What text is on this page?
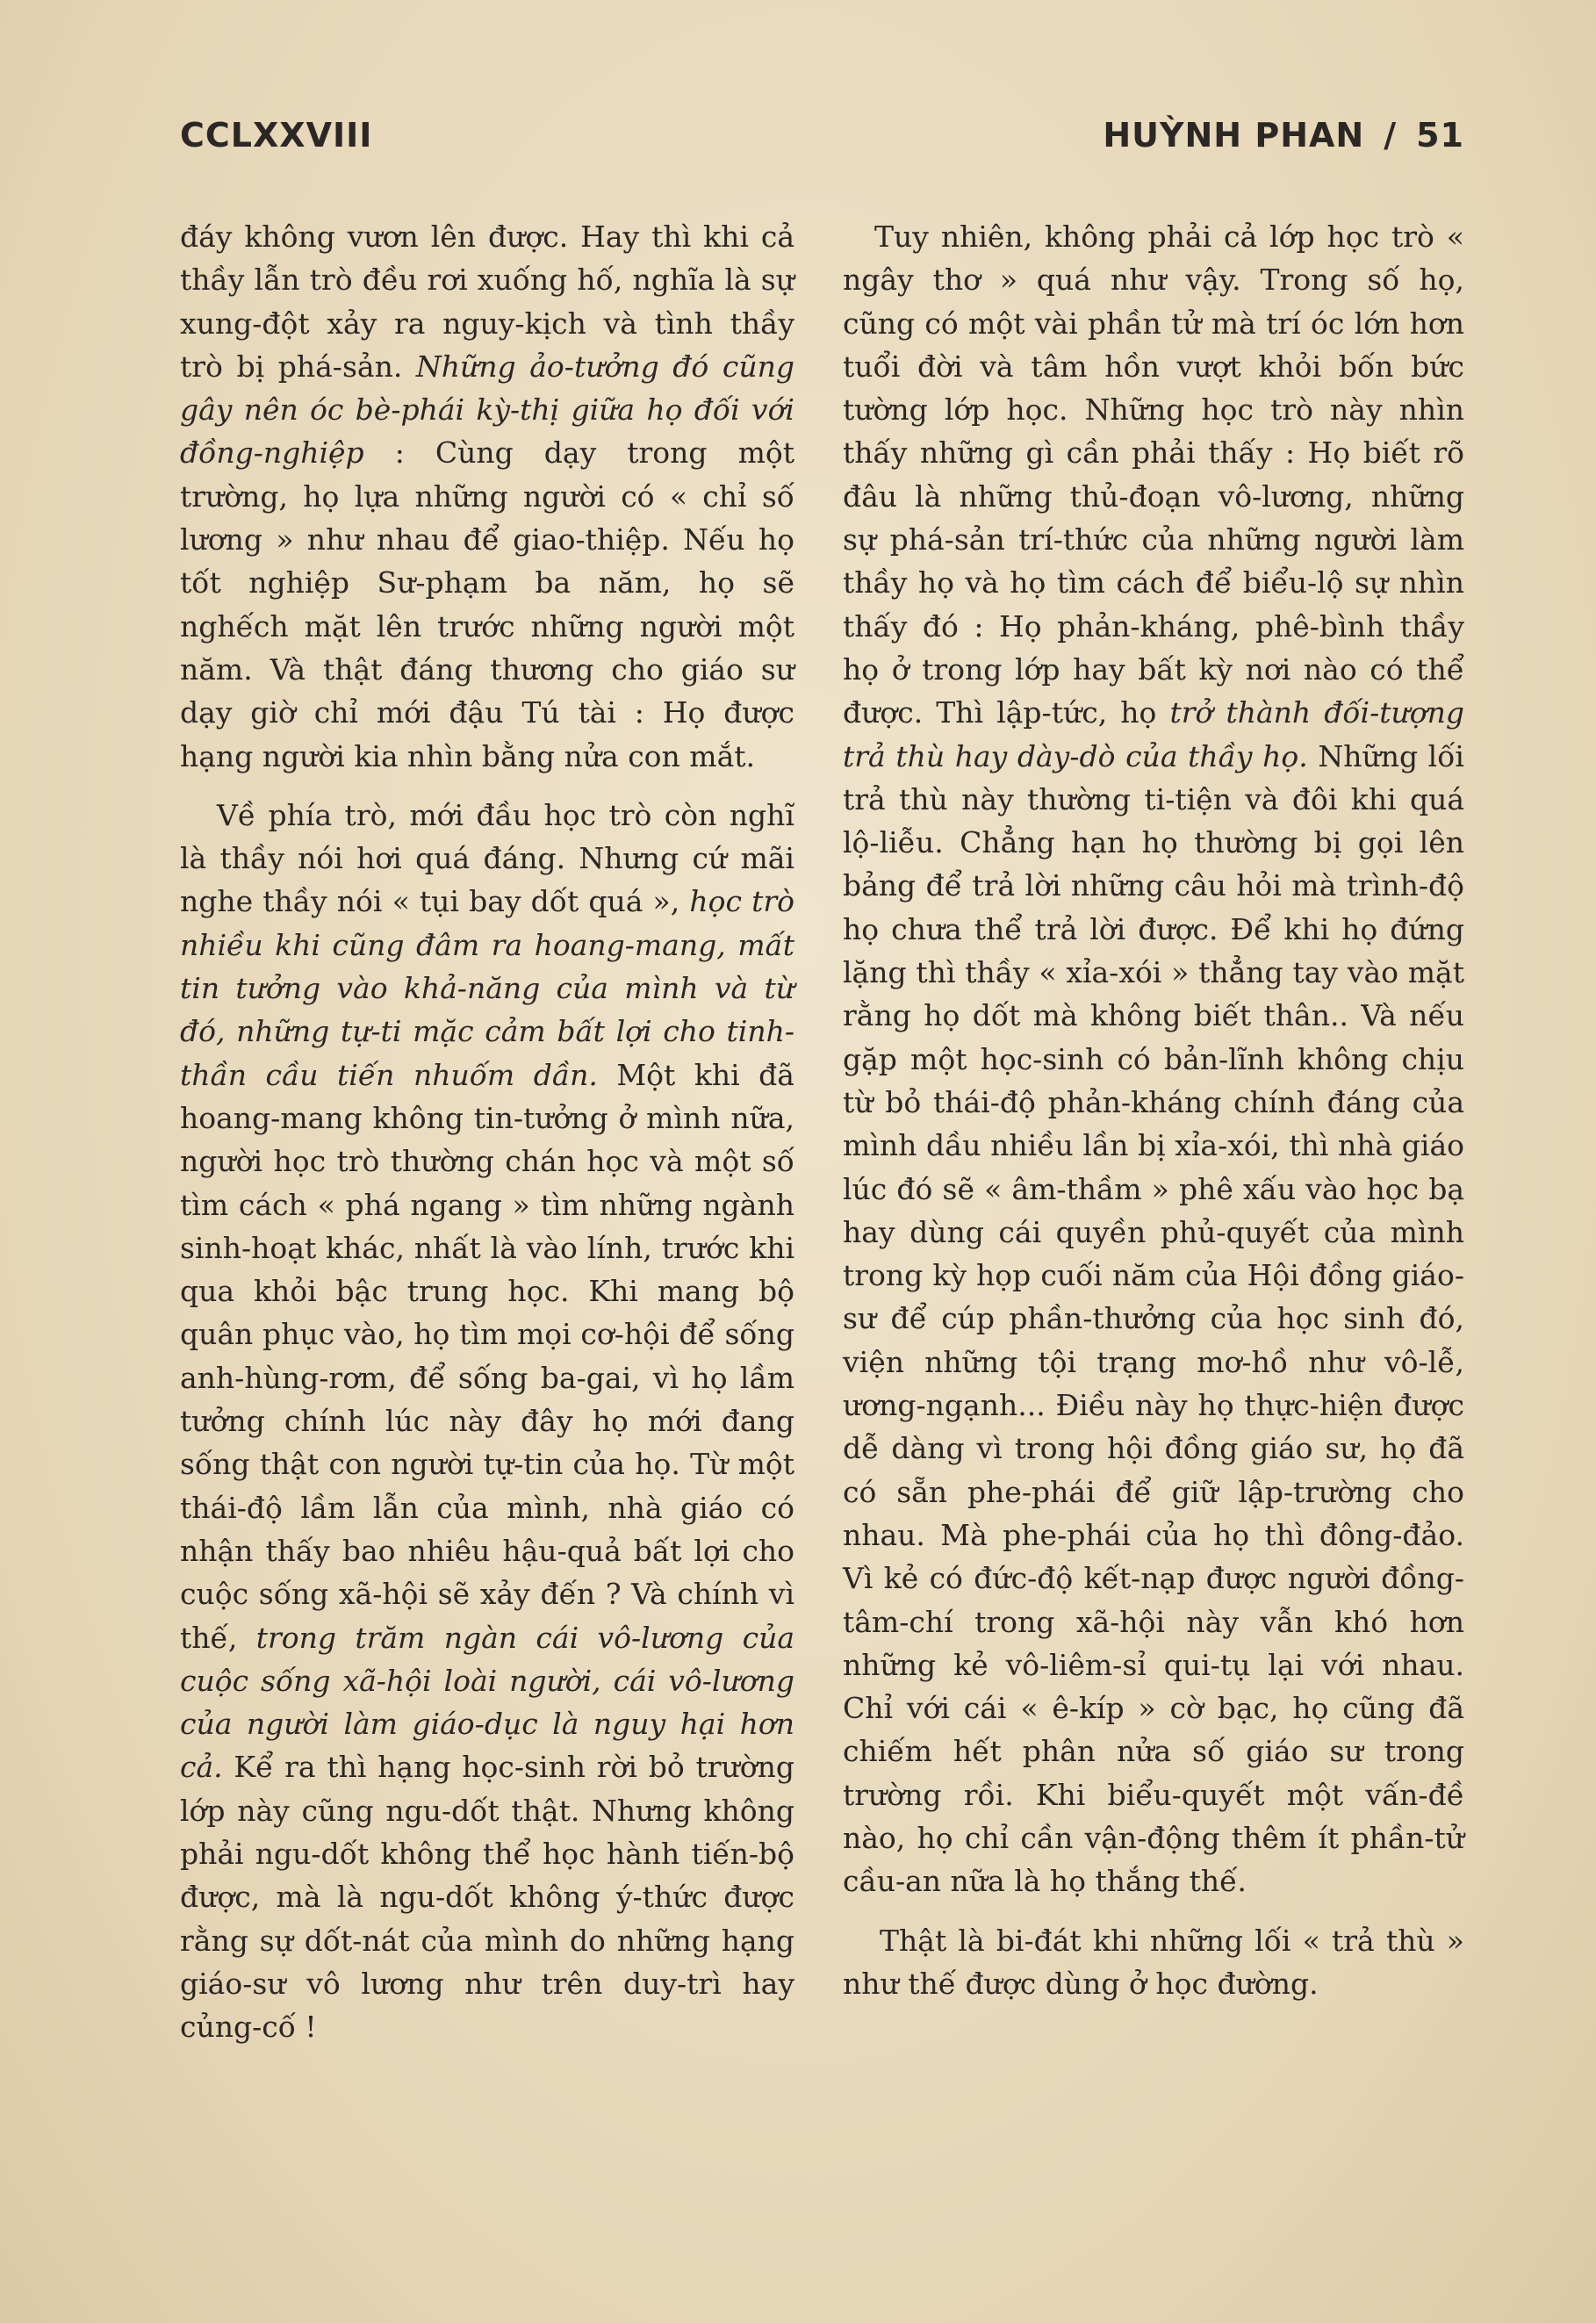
CCLXXVIII	HUỲNH PHAN / 51

đáy không vươn lên được. Hay thì khi cả thầy lẫn trò đều rơi xuống hố, nghĩa là sự xung-đột xảy ra nguy-kịch và tình thầy trò bị phá-sản. Những ảo-tưởng đó cũng gây nên óc bè-phái kỳ-thị giữa họ đối với đồng-nghiệp : Cùng dạy trong một trường, họ lựa những người có « chỉ số lương » như nhau để giao-thiệp. Nếu họ tốt nghiệp Sư-phạm ba năm, họ sẽ nghếch mặt lên trước những người một năm. Và thật đáng thương cho giáo sư dạy giờ chỉ mới đậu Tú tài : Họ được hạng người kia nhìn bằng nửa con mắt.

Về phía trò, mới đầu học trò còn nghĩ là thầy nói hơi quá đáng. Nhưng cứ mãi nghe thầy nói « tụi bay dốt quá », học trò nhiều khi cũng đâm ra hoang-mang, mất tin tưởng vào khả-năng của mình và từ đó, những tự-ti mặc cảm bất lợi cho tinh-thần cầu tiến nhuốm dần. Một khi đã hoang-mang không tin-tưởng ở mình nữa, người học trò thường chán học và một số tìm cách « phá ngang » tìm những ngành sinh-hoạt khác, nhất là vào lính, trước khi qua khỏi bậc trung học. Khi mang bộ quân phục vào, họ tìm mọi cơ-hội để sống anh-hùng-rơm, để sống ba-gai, vì họ lầm tưởng chính lúc này đây họ mới đang sống thật con người tự-tin của họ. Từ một thái-độ lầm lẫn của mình, nhà giáo có nhận thấy bao nhiêu hậu-quả bất lợi cho cuộc sống xã-hội sẽ xảy đến ? Và chính vì thế, trong trăm ngàn cái vô-lương của cuộc sống xã-hội loài người, cái vô-lương của người làm giáo-dục là nguy hại hơn cả. Kể ra thì hạng học-sinh rời bỏ trường lớp này cũng ngu-dốt thật. Nhưng không phải ngu-dốt không thể học hành tiến-bộ được, mà là ngu-dốt không ý-thức được rằng sự dốt-nát của mình do những hạng giáo-sư vô lương như trên duy-trì hay củng-cố !

Tuy nhiên, không phải cả lớp học trò « ngây thơ » quá như vậy. Trong số họ, cũng có một vài phần tử mà trí óc lớn hơn tuổi đời và tâm hồn vượt khỏi bốn bức tường lớp học. Những học trò này nhìn thấy những gì cần phải thấy : Họ biết rõ đâu là những thủ-đoạn vô-lương, những sự phá-sản trí-thức của những người làm thầy họ và họ tìm cách để biểu-lộ sự nhìn thấy đó : Họ phản-kháng, phê-bình thầy họ ở trong lớp hay bất kỳ nơi nào có thể được. Thì lập-tức, họ trở thành đối-tượng trả thù hay dày-dò của thầy họ. Những lối trả thù này thường ti-tiện và đôi khi quá lộ-liễu. Chẳng hạn họ thường bị gọi lên bảng để trả lời những câu hỏi mà trình-độ họ chưa thể trả lời được. Để khi họ đứng lặng thì thầy « xỉa-xói » thẳng tay vào mặt rằng họ dốt mà không biết thân.. Và nếu gặp một học-sinh có bản-lĩnh không chịu từ bỏ thái-độ phản-kháng chính đáng của mình dầu nhiều lần bị xỉa-xói, thì nhà giáo lúc đó sẽ « âm-thầm » phê xấu vào học bạ hay dùng cái quyền phủ-quyết của mình trong kỳ họp cuối năm của Hội đồng giáo-sư để cúp phần-thưởng của học sinh đó, viện những tội trạng mơ-hồ như vô-lễ, ương-ngạnh... Điều này họ thực-hiện được dễ dàng vì trong hội đồng giáo sư, họ đã có sẵn phe-phái để giữ lập-trường cho nhau. Mà phe-phái của họ thì đông-đảo. Vì kẻ có đức-độ kết-nạp được người đồng-tâm-chí trong xã-hội này vẫn khó hơn những kẻ vô-liêm-sỉ qui-tụ lại với nhau. Chỉ với cái « ê-kíp » cờ bạc, họ cũng đã chiếm hết phân nửa số giáo sư trong trường rồi. Khi biểu-quyết một vấn-đề nào, họ chỉ cần vận-động thêm ít phần-tử cầu-an nữa là họ thắng thế.

Thật là bi-đát khi những lối « trả thù » như thế được dùng ở học đường.
